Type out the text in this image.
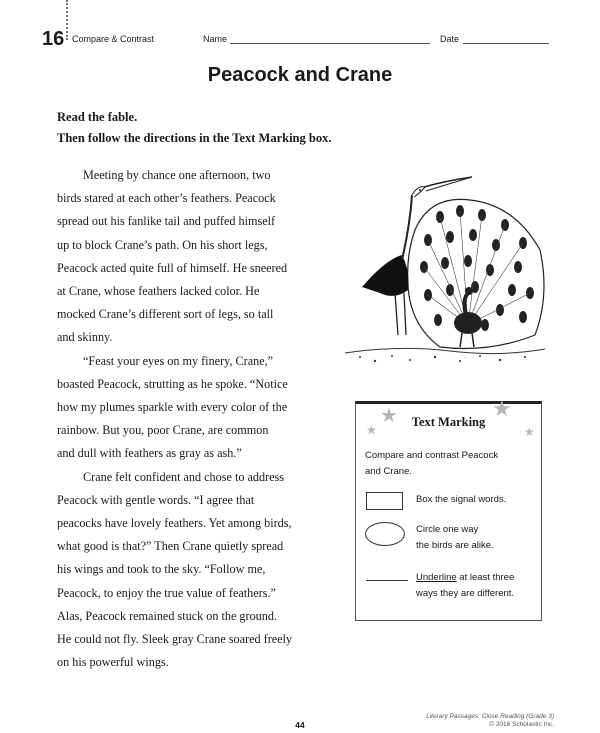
16 Compare & Contrast	Name	Date
Peacock and Crane
Read the fable.
Then follow the directions in the Text Marking box.

Meeting by chance one afternoon, two

birds stared at each other’s feathers. Peacock

spread out his fanlike tail and puffed himself

up to block Crane’s path. On his short legs,

Peacock acted quite full of himself. He sneered

at Crane, whose feathers lacked color. He

mocked Crane’s different sort of legs, so tall

and skinny.

“Feast your eyes on my finery, Crane,”

boasted Peacock, strutting as he spoke. “Notice

how my plumes sparkle with every color of the

rainbow. But you, poor Crane, are common

and dull with feathers as gray as ash.”

Crane felt confident and chose to address

Peacock with gentle words. “I agree that

peacocks have lovely feathers. Yet among birds,

what good is that?” Then Crane quietly spread

his wings and took to the sky. “Follow me,

Peacock, to enjoy the true value of feathers.”

Alas, Peacock remained stuck on the ground.

He could not fly. Sleek gray Crane soared freely

on his powerful wings.

★
★
★
★
Text Marking
Compare and contrast Peacock
and Crane.
Box the signal words.
Circle one way
the birds are alike.
Underline at least three
ways they are different.
44
Literary Passages: Close Reading (Grade 3)
© 2016 Scholastic Inc.
